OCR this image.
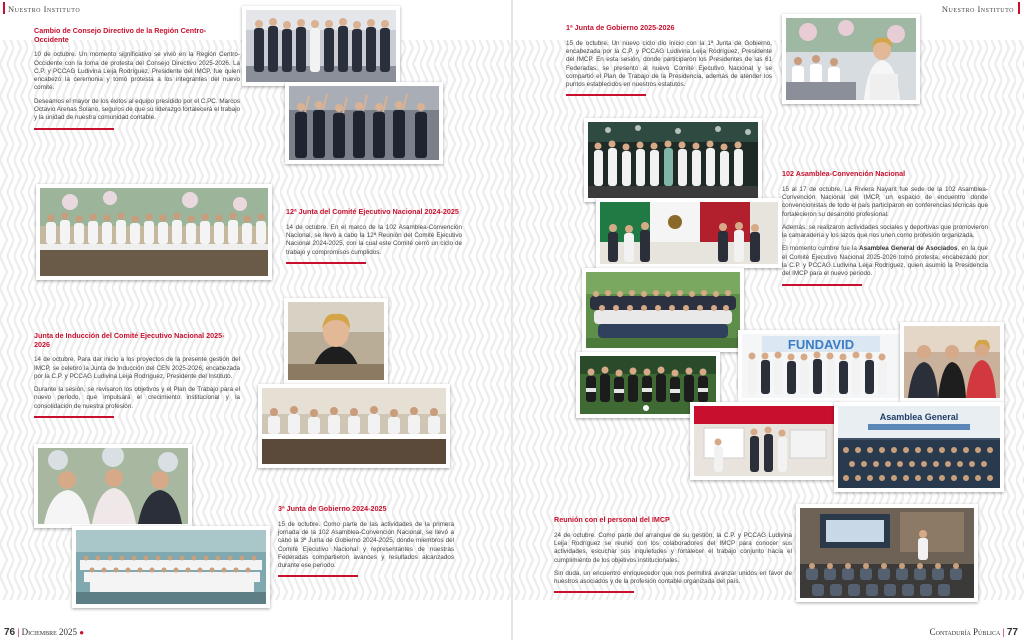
Nuestro Instituto
Cambio de Consejo Directivo de la Región Centro-Occidente

10 de octubre. Un momento significativo se vivió en la Región Centro-Occidente con la toma de protesta del Consejo Directivo 2025-2026. La C.P. y PCCAG Ludivina Leija Rodríguez, Presidente del IMCP, fue quien encabezó la ceremonia y tomó protesta a los integrantes del nuevo comité.

Deseamos el mayor de los éxitos al equipo presidido por el C.PC. Marcos Octavio Arenas Solano, seguros de que su liderazgo fortalecerá el trabajo y la unidad de nuestra comunidad contable.

12ª Junta del Comité Ejecutivo Nacional 2024-2025

14 de octubre. En el marco de la 102 Asamblea-Convención Nacional, se llevó a cabo la 12ª Reunión del Comité Ejecutivo Nacional 2024-2025, con la cual este Comité cerró un ciclo de trabajo y compromisos cumplidos.

Junta de Inducción del Comité Ejecutivo Nacional 2025-2026

14 de octubre. Para dar inicio a los proyectos de la presente gestión del IMCP, se celebró la Junta de Inducción del CEN 2025-2026, encabezada por la C.P. y PCCAG Ludivina Leija Rodríguez, Presidente del Instituto.

Durante la sesión, se revisaron los objetivos y el Plan de Trabajo para el nuevo periodo, que impulsará el crecimiento institucional y la consolidación de nuestra profesión.

3ª Junta de Gobierno 2024-2025

15 de octubre. Como parte de las actividades de la primera jornada de la 102 Asamblea-Convención Nacional, se llevó a cabo la 3ª Junta de Gobierno 2024-2025, donde miembros del Comité Ejecutivo Nacional y representantes de nuestras Federadas compartieron avances y resultados alcanzados durante ese periodo.

76 | Diciembre 2025 ●
Nuestro Instituto
1ª Junta de Gobierno 2025-2026

15 de octubre. Un nuevo ciclo dio inicio con la 1ª Junta de Gobierno, encabezada por la C.P. y PCCAG Ludivina Leija Rodríguez, Presidente del IMCP. En esta sesión, donde participaron los Presidentes de las 61 Federadas, se presentó al nuevo Comité Ejecutivo Nacional y se compartió el Plan de Trabajo de la Presidencia, además de atender los puntos establecidos en nuestros estatutos.

102 Asamblea-Convención Nacional

15 al 17 de octubre. La Riviera Nayarit fue sede de la 102 Asamblea-Convención Nacional del IMCP, un espacio de encuentro donde convencionistas de todo el país participaron en conferencias técnicas que fortalecieron su desarrollo profesional.

Además, se realizaron actividades sociales y deportivas que promovieron la camaradería y los lazos que nos unen como profesión organizada.

El momento cumbre fue la Asamblea General de Asociados, en la que el Comité Ejecutivo Nacional 2025-2026 tomó protesta, encabezado por la C.P. y PCCAG Ludivina Leija Rodríguez, quien asumió la Presidencia del IMCP para el nuevo periodo.

FUNDAVID
Asamblea General
Reunión con el personal del IMCP

24 de octubre. Como parte del arranque de su gestión, la C.P. y PCCAG Ludivina Leija Rodríguez se reunió con los colaboradores del IMCP para conocer sus actividades, escuchar sus inquietudes y fortalecer el trabajo conjunto hacia el cumplimiento de los objetivos institucionales.

Sin duda, un encuentro enriquecedor que nos permitirá avanzar unidos en favor de nuestros asociados y de la profesión contable organizada del país.

Contaduría Pública | 77
